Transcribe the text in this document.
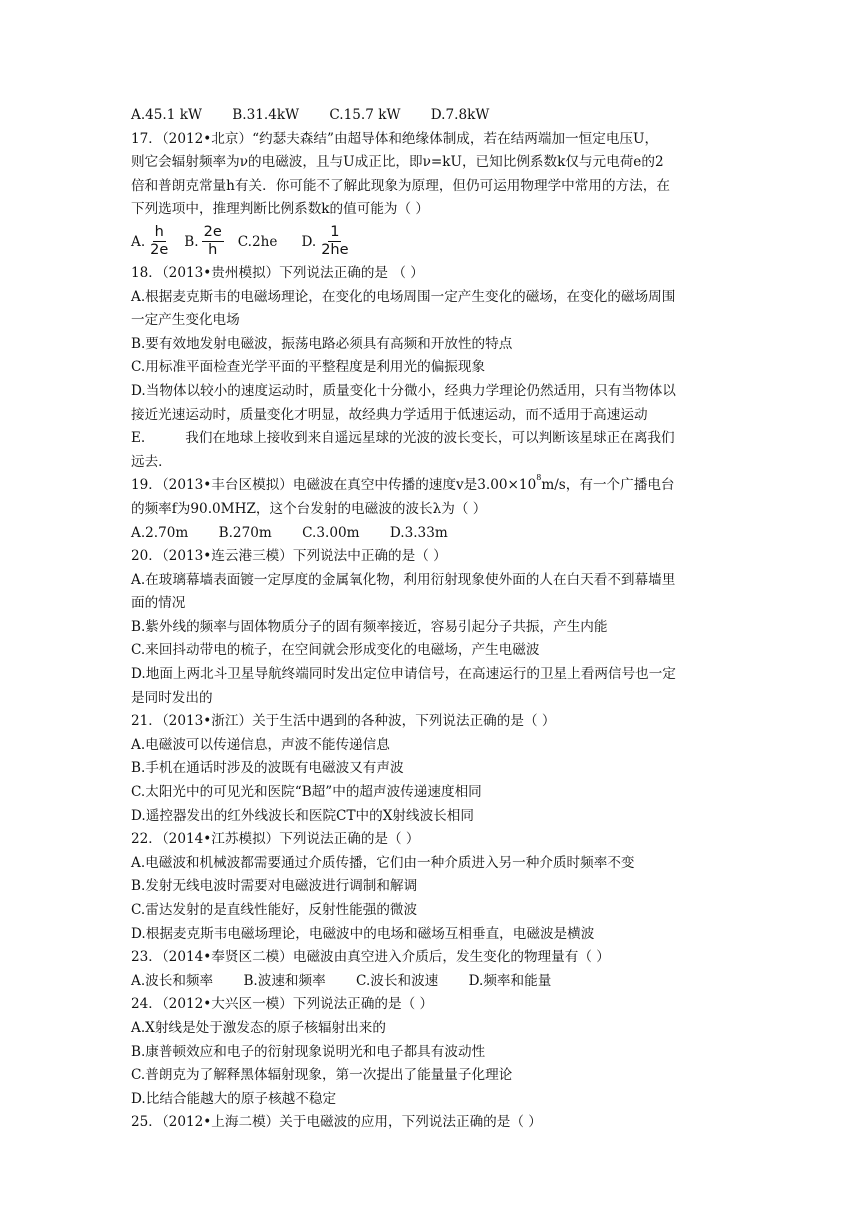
A.45.1 kW B.31.4kW C.15.7 kW D.7.8kW
17．（2012•北京）“约瑟夫森结”由超导体和绝缘体制成，若在结两端加一恒定电压U，
则它会辐射频率为ν的电磁波，且与U成正比，即ν=kU，已知比例系数k仅与元电荷e的2
倍和普朗克常量h有关．你可能不了解此现象为原理，但仍可运用物理学中常用的方法，在
下列选项中，推理判断比例系数k的值可能为（ ）
A. $\frac{h}{2e} B$. $\frac{2e}{h} C.2he$ D. $\frac{1}{2he}$
18．（2013•贵州模拟）下列说法正确的是 （ ）
A.根据麦克斯韦的电磁场理论，在变化的电场周围一定产生变化的磁场，在变化的磁场周围
一定产生变化电场
B.要有效地发射电磁波，振荡电路必须具有高频和开放性的特点
C.用标准平面检查光学平面的平整程度是利用光的偏振现象
D.当物体以较小的速度运动时，质量变化十分微小，经典力学理论仍然适用，只有当物体以
接近光速运动时，质量变化才明显，故经典力学适用于低速运动，而不适用于高速运动
E.	我们在地球上接收到来自遥远星球的光波的波长变长，可以判断该星球正在离我们
远去．
19．（2013•丰台区模拟）电磁波在真空中传播的速度v是$3.00\times 10^8m/s$，有一个广播电台
的频率f为90.0MHZ，这个台发射的电磁波的波长λ为（ ）
A.2.70m B.270m C.3.00m D.3.33m
20．（2013•连云港三模）下列说法中正确的是（ ）
A.在玻璃幕墙表面镀一定厚度的金属氧化物，利用衍射现象使外面的人在白天看不到幕墙里
面的情况
B.紫外线的频率与固体物质分子的固有频率接近，容易引起分子共振，产生内能
C.来回抖动带电的梳子，在空间就会形成变化的电磁场，产生电磁波
D.地面上两北斗卫星导航终端同时发出定位申请信号，在高速运行的卫星上看两信号也一定
是同时发出的
21．（2013•浙江）关于生活中遇到的各种波，下列说法正确的是（ ）
A.电磁波可以传递信息，声波不能传递信息
B.手机在通话时涉及的波既有电磁波又有声波
C.太阳光中的可见光和医院“B超”中的超声波传递速度相同
D.遥控器发出的红外线波长和医院CT中的X射线波长相同
22．（2014•江苏模拟）下列说法正确的是（ ）
A.电磁波和机械波都需要通过介质传播，它们由一种介质进入另一种介质时频率不变
B.发射无线电波时需要对电磁波进行调制和解调
C.雷达发射的是直线性能好，反射性能强的微波
D.根据麦克斯韦电磁场理论，电磁波中的电场和磁场互相垂直，电磁波是横波
23．（2014•奉贤区二模）电磁波由真空进入介质后，发生变化的物理量有（ ）
A.波长和频率 B.波速和频率 C.波长和波速 D.频率和能量
24．（2012•大兴区一模）下列说法正确的是（ ）
A.X射线是处于激发态的原子核辐射出来的
B.康普顿效应和电子的衍射现象说明光和电子都具有波动性
C.普朗克为了解释黑体辐射现象，第一次提出了能量量子化理论
D.比结合能越大的原子核越不稳定
25．（2012•上海二模）关于电磁波的应用，下列说法正确的是（ ）
